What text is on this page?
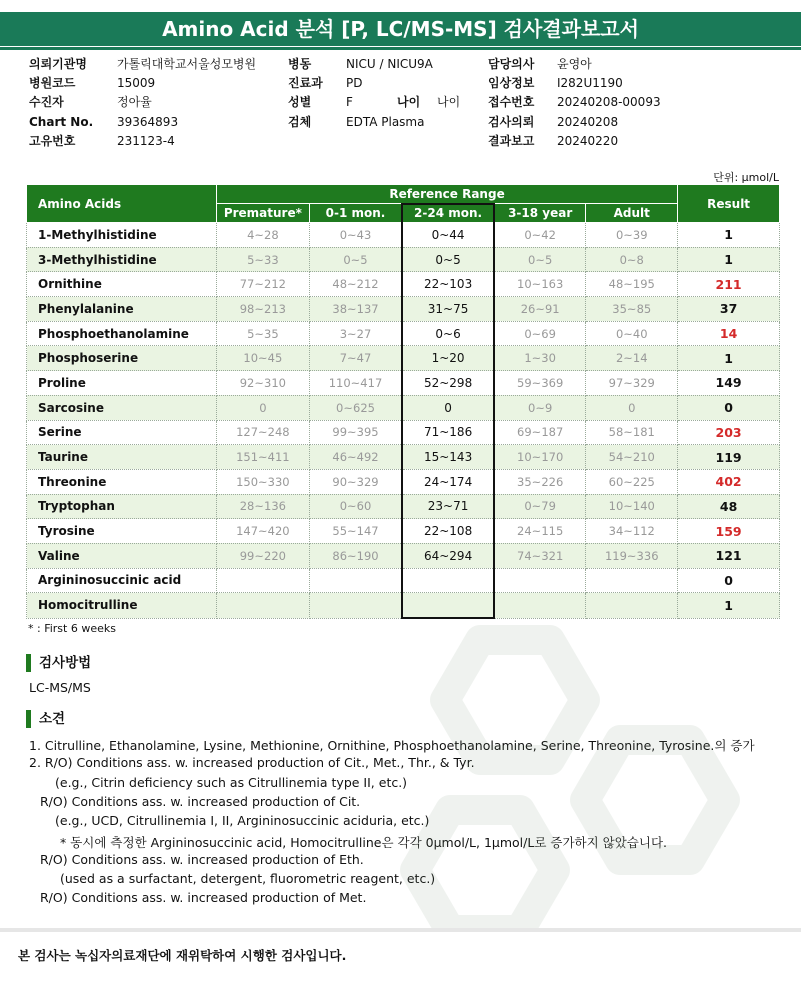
Amino Acid 분석 [P, LC/MS-MS] 검사결과보고서
의뢰기관명	가톨릭대학교서울성모병원
병원코드	15009
수진자	정아율
Chart No. 39364893
고유번호	231123-4
병동	NICU / NICU9A
진료과 PD
성별	F
검체	EDTA Plasma
나이 나이
담당의사 윤영아
임상정보 I282U1190
접수번호 20240208-00093
검사의뢰 20240208
결과보고 20240220
단위: μmol/L
Amino Acids	Reference Range					Result
	Premature*	0-1 mon.	2-24 mon.	3-18 year	Adult	
1-Methylhistidine	4~28	0~43	0~44	0~42	0~39	1
3-Methylhistidine	5~33	0~5	0~5	0~5	0~8	1
Ornithine	77~212	48~212	22~103	10~163	48~195	211
Phenylalanine	98~213	38~137	31~75	26~91	35~85	37
Phosphoethanolamine	5~35	3~27	0~6	0~69	0~40	14
Phosphoserine	10~45	7~47	1~20	1~30	2~14	1
Proline	92~310	110~417	52~298	59~369	97~329	149
Sarcosine	0	0~625	0	0~9	0	0
Serine	127~248	99~395	71~186	69~187	58~181	203
Taurine	151~411	46~492	15~143	10~170	54~210	119
Threonine	150~330	90~329	24~174	35~226	60~225	402
Tryptophan	28~136	0~60	23~71	0~79	10~140	48
Tyrosine	147~420	55~147	22~108	24~115	34~112	159
Valine	99~220	86~190	64~294	74~321	119~336	121
Argininosuccinic acid						0
Homocitrulline						1
* : First 6 weeks
검사방법
LC-MS/MS
소견
1. Citrulline, Ethanolamine, Lysine, Methionine, Ornithine, Phosphoethanolamine, Serine, Threonine, Tyrosine.의 증가
2. R/O) Conditions ass. w. increased production of Cit., Met., Thr., & Tyr.
(e.g., Citrin deficiency such as Citrullinemia type II, etc.)
R/O) Conditions ass. w. increased production of Cit.
(e.g., UCD, Citrullinemia I, II, Argininosuccinic aciduria, etc.)
* 동시에 측정한 Argininosuccinic acid, Homocitrulline은 각각 0μmol/L, 1μmol/L로 증가하지 않았습니다.
R/O) Conditions ass. w. increased production of Eth.
(used as a surfactant, detergent, fluorometric reagent, etc.)
R/O) Conditions ass. w. increased production of Met.
본 검사는 녹십자의료재단에 재위탁하여 시행한 검사입니다.
